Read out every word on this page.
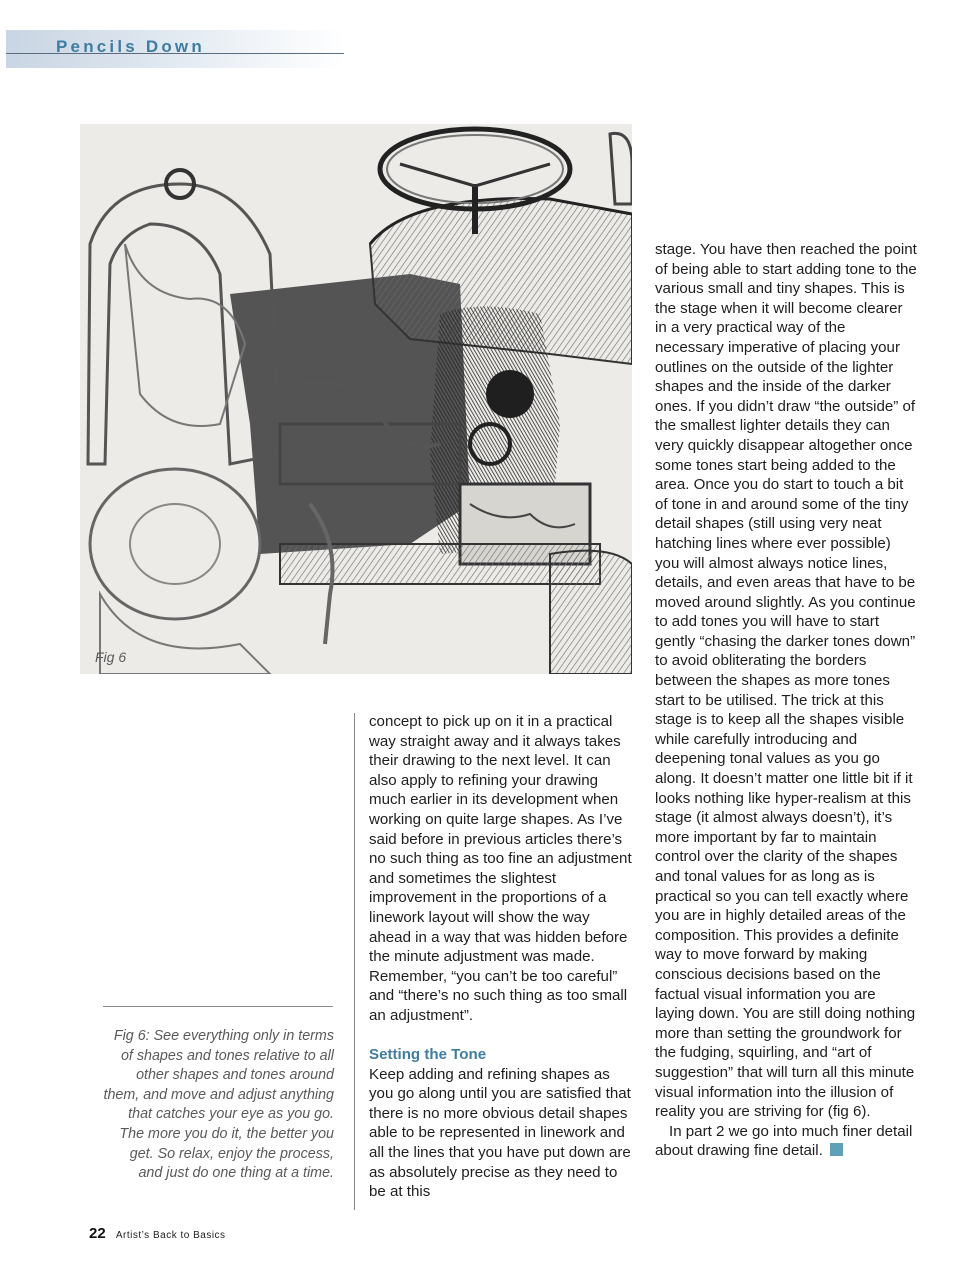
Pencils Down
Fig 6

Fig 6: See everything only in terms of shapes and tones relative to all other shapes and tones around them, and move and adjust anything that catches your eye as you go. The more you do it, the better you get. So relax, enjoy the process, and just do one thing at a time.

concept to pick up on it in a practical way straight away and it always takes their drawing to the next level. It can also apply to refining your drawing much earlier in its development when working on quite large shapes. As I’ve said before in previous articles there’s no such thing as too fine an adjustment and sometimes the slightest improvement in the proportions of a linework layout will show the way ahead in a way that was hidden before the minute adjustment was made. Remember, “you can’t be too careful” and “there’s no such thing as too small an adjustment”.

Setting the Tone

Keep adding and refining shapes as you go along until you are satisfied that there is no more obvious detail shapes able to be represented in linework and all the lines that you have put down are as absolutely precise as they need to be at this

stage. You have then reached the point of being able to start adding tone to the various small and tiny shapes. This is the stage when it will become clearer in a very practical way of the necessary imperative of placing your outlines on the outside of the lighter shapes and the inside of the darker ones. If you didn’t draw “the outside” of the smallest lighter details they can very quickly disappear altogether once some tones start being added to the area. Once you do start to touch a bit of tone in and around some of the tiny detail shapes (still using very neat hatching lines where ever possible) you will almost always notice lines, details, and even areas that have to be moved around slightly. As you continue to add tones you will have to start gently “chasing the darker tones down” to avoid obliterating the borders between the shapes as more tones start to be utilised. The trick at this stage is to keep all the shapes visible while carefully introducing and deepening tonal values as you go along. It doesn’t matter one little bit if it looks nothing like hyper-realism at this stage (it almost always doesn’t), it’s more important by far to maintain control over the clarity of the shapes and tonal values for as long as is practical so you can tell exactly where you are in highly detailed areas of the composition. This provides a definite way to move forward by making conscious decisions based on the factual visual information you are laying down. You are still doing nothing more than setting the groundwork for the fudging, squirling, and “art of suggestion” that will turn all this minute visual information into the illusion of reality you are striving for (fig 6).

In part 2 we go into much finer detail about drawing fine detail.

22 Artist’s Back to Basics
